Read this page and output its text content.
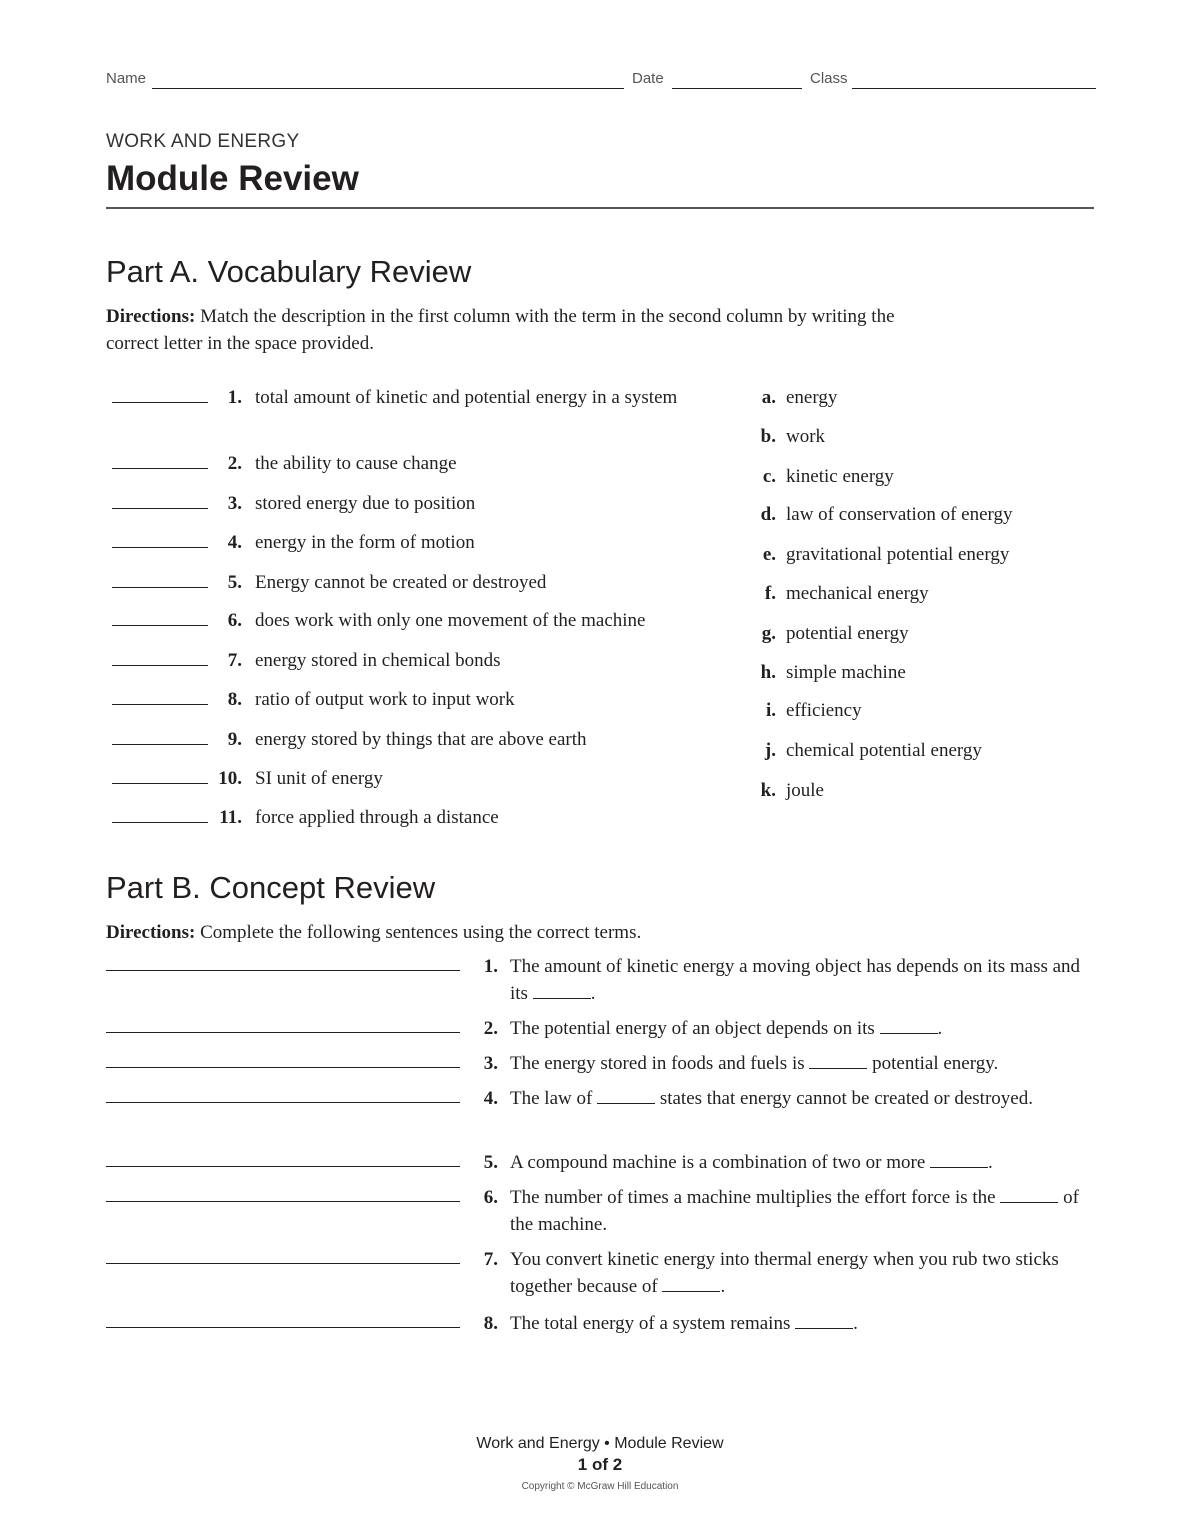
Name	Date	Class
WORK AND ENERGY
Module Review
Part A. Vocabulary Review
Directions: Match the description in the first column with the term in the second column by writing the correct letter in the space provided.
1. total amount of kinetic and potential energy in a system
2. the ability to cause change
3. stored energy due to position
4. energy in the form of motion
5. Energy cannot be created or destroyed
6. does work with only one movement of the machine
7. energy stored in chemical bonds
8. ratio of output work to input work
9. energy stored by things that are above earth
10. SI unit of energy
11. force applied through a distance
a. energy
b. work
c. kinetic energy
d. law of conservation of energy
e. gravitational potential energy
f. mechanical energy
g. potential energy
h. simple machine
i. efficiency
j. chemical potential energy
k. joule
Part B. Concept Review
Directions: Complete the following sentences using the correct terms.
1. The amount of kinetic energy a moving object has depends on its mass and its	.
2. The potential energy of an object depends on its	.
3. The energy stored in foods and fuels is	potential energy.
4. The law of	states that energy cannot be created or destroyed.
5. A compound machine is a combination of two or more	.
6. The number of times a machine multiplies the effort force is the	of the machine.
7. You convert kinetic energy into thermal energy when you rub two sticks together because of	.
8. The total energy of a system remains	.
Work and Energy • Module Review
1 of 2
Copyright © McGraw Hill Education
